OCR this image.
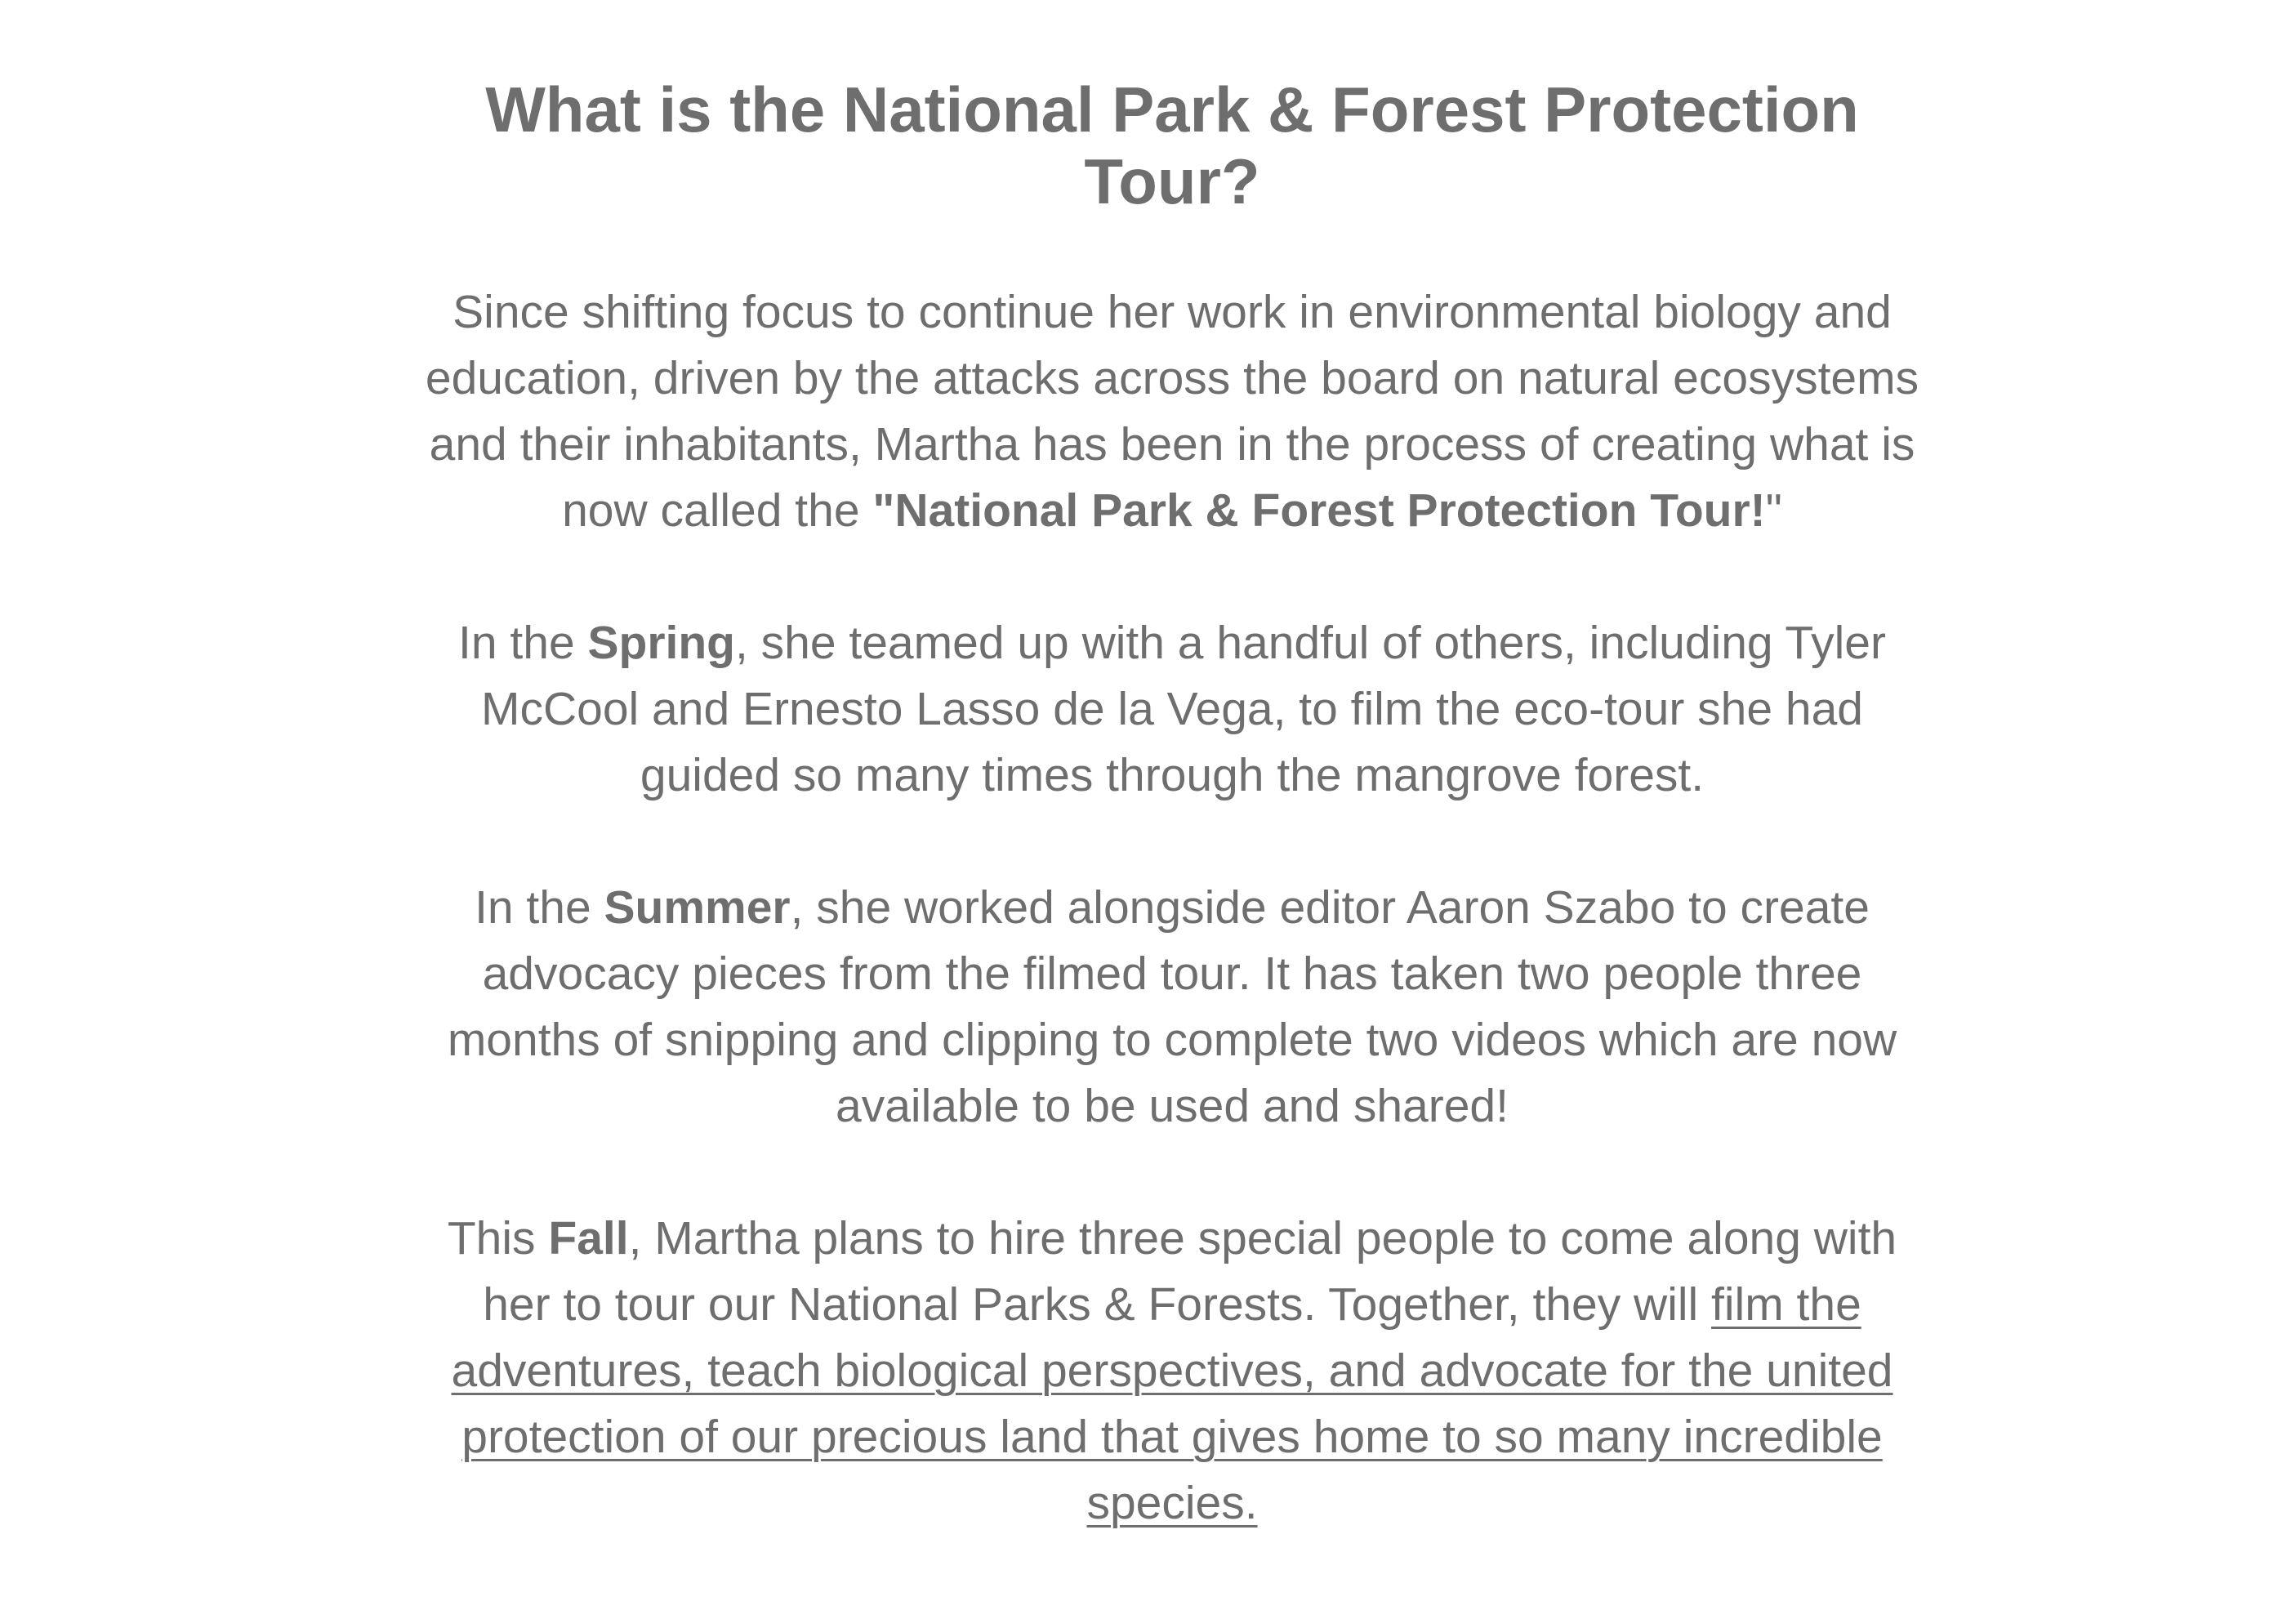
What is the National Park & Forest Protection Tour?

Since shifting focus to continue her work in environmental biology and education, driven by the attacks across the board on natural ecosystems and their inhabitants, Martha has been in the process of creating what is now called the "National Park & Forest Protection Tour!"

In the Spring, she teamed up with a handful of others, including Tyler McCool and Ernesto Lasso de la Vega, to film the eco-tour she had guided so many times through the mangrove forest.

In the Summer, she worked alongside editor Aaron Szabo to create advocacy pieces from the filmed tour. It has taken two people three months of snipping and clipping to complete two videos which are now available to be used and shared!

This Fall, Martha plans to hire three special people to come along with her to tour our National Parks & Forests. Together, they will film the adventures, teach biological perspectives, and advocate for the united protection of our precious land that gives home to so many incredible species.
